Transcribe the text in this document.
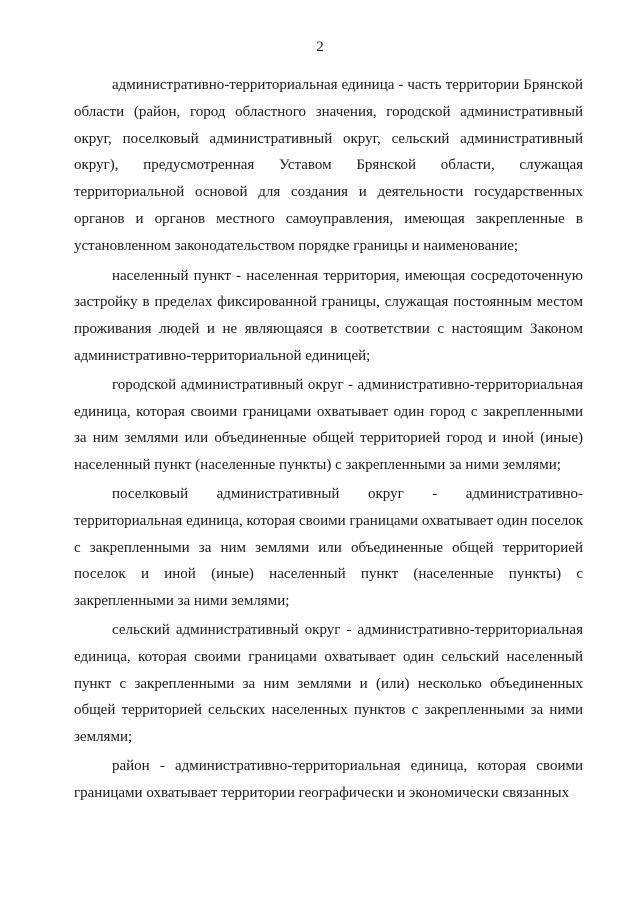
2

административно-территориальная единица - часть территории Брянской области (район, город областного значения, городской административный округ, поселковый административный округ, сельский административный округ), предусмотренная Уставом Брянской области, служащая территориальной основой для создания и деятельности государственных органов и органов местного самоуправления, имеющая закрепленные в установленном законодательством порядке границы и наименование;

населенный пункт - населенная территория, имеющая сосредоточенную застройку в пределах фиксированной границы, служащая постоянным местом проживания людей и не являющаяся в соответствии с настоящим Законом административно-территориальной единицей;

городской административный округ - административно-территориальная единица, которая своими границами охватывает один город с закрепленными за ним землями или объединенные общей территорией город и иной (иные) населенный пункт (населенные пункты) с закрепленными за ними землями;

поселковый административный округ - административно-территориальная единица, которая своими границами охватывает один поселок с закрепленными за ним землями или объединенные общей территорией поселок и иной (иные) населенный пункт (населенные пункты) с закрепленными за ними землями;

сельский административный округ - административно-территориальная единица, которая своими границами охватывает один сельский населенный пункт с закрепленными за ним землями и (или) несколько объединенных общей территорией сельских населенных пунктов с закрепленными за ними землями;

район - административно-территориальная единица, которая своими границами охватывает территории географически и экономически связанных
